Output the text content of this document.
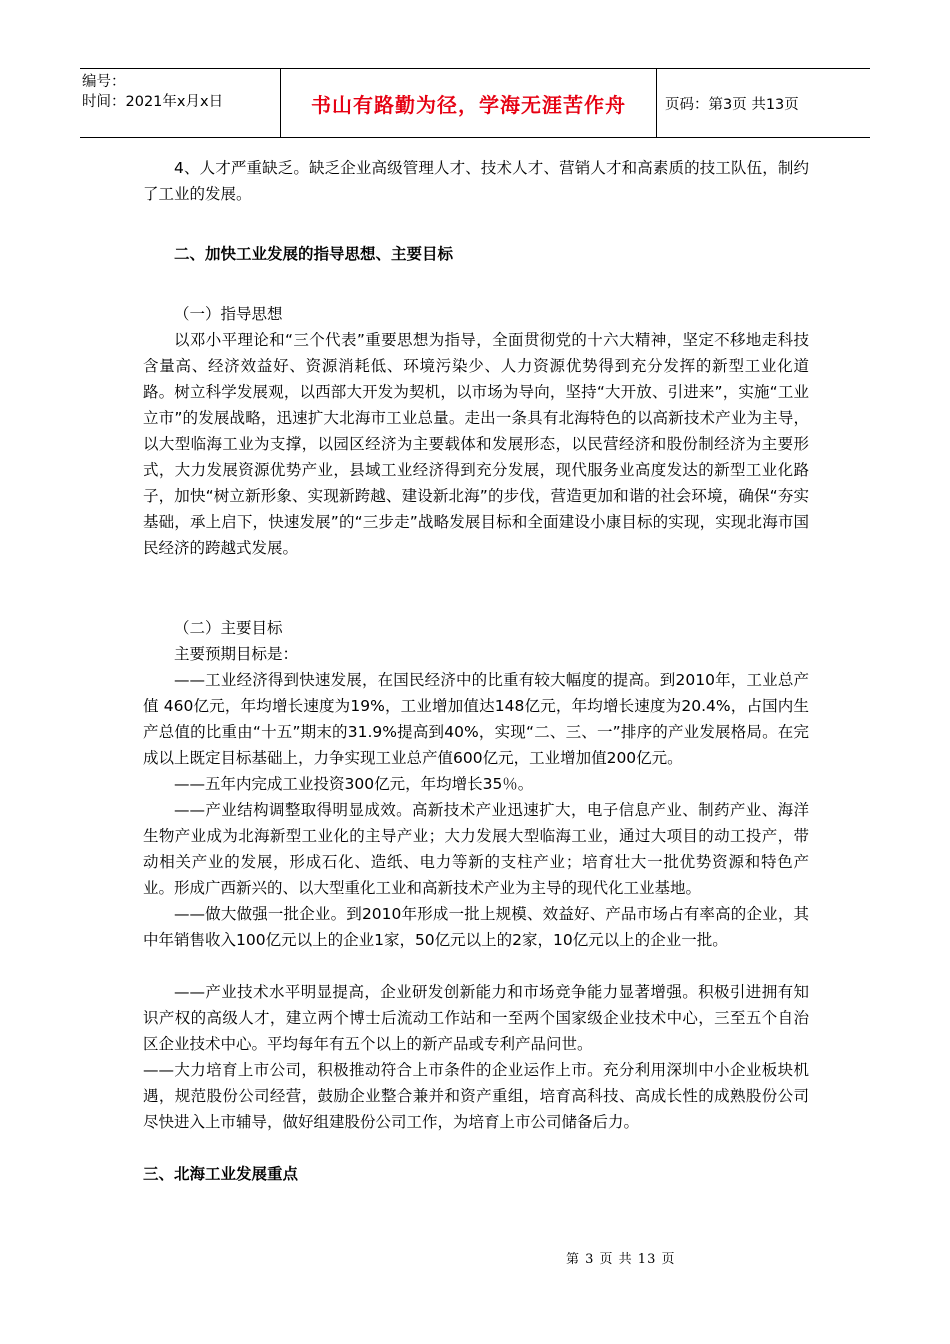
编号：
时间：2021年x月x日	书山有路勤为径，学海无涯苦作舟	页码：第3页 共13页

4、人才严重缺乏。缺乏企业高级管理人才、技术人才、营销人才和高素质的技工队伍，制约了工业的发展。

二、加快工业发展的指导思想、主要目标

（一）指导思想

以邓小平理论和“三个代表”重要思想为指导，全面贯彻党的十六大精神，坚定不移地走科技含量高、经济效益好、资源消耗低、环境污染少、人力资源优势得到充分发挥的新型工业化道路。树立科学发展观，以西部大开发为契机，以市场为导向，坚持“大开放、引进来”，实施“工业立市”的发展战略，迅速扩大北海市工业总量。走出一条具有北海特色的以高新技术产业为主导，以大型临海工业为支撑，以园区经济为主要载体和发展形态，以民营经济和股份制经济为主要形式，大力发展资源优势产业，县域工业经济得到充分发展，现代服务业高度发达的新型工业化路子，加快“树立新形象、实现新跨越、建设新北海”的步伐，营造更加和谐的社会环境，确保“夯实基础，承上启下，快速发展”的“三步走”战略发展目标和全面建设小康目标的实现，实现北海市国民经济的跨越式发展。

（二）主要目标

主要预期目标是：

——工业经济得到快速发展，在国民经济中的比重有较大幅度的提高。到2010年，工业总产值 460亿元，年均增长速度为19%，工业增加值达148亿元，年均增长速度为20.4%，占国内生产总值的比重由“十五”期末的31.9%提高到40%，实现“二、三、一”排序的产业发展格局。在完成以上既定目标基础上，力争实现工业总产值600亿元，工业增加值200亿元。

——五年内完成工业投资300亿元，年均增长35％。

——产业结构调整取得明显成效。高新技术产业迅速扩大，电子信息产业、制药产业、海洋生物产业成为北海新型工业化的主导产业；大力发展大型临海工业，通过大项目的动工投产，带动相关产业的发展，形成石化、造纸、电力等新的支柱产业；培育壮大一批优势资源和特色产业。形成广西新兴的、以大型重化工业和高新技术产业为主导的现代化工业基地。

——做大做强一批企业。到2010年形成一批上规模、效益好、产品市场占有率高的企业，其中年销售收入100亿元以上的企业1家，50亿元以上的2家，10亿元以上的企业一批。

——产业技术水平明显提高，企业研发创新能力和市场竞争能力显著增强。积极引进拥有知识产权的高级人才，建立两个博士后流动工作站和一至两个国家级企业技术中心，三至五个自治区企业技术中心。平均每年有五个以上的新产品或专利产品问世。

——大力培育上市公司，积极推动符合上市条件的企业运作上市。充分利用深圳中小企业板块机遇，规范股份公司经营，鼓励企业整合兼并和资产重组，培育高科技、高成长性的成熟股份公司尽快进入上市辅导，做好组建股份公司工作，为培育上市公司储备后力。

三、北海工业发展重点

第 3 页 共 13 页
